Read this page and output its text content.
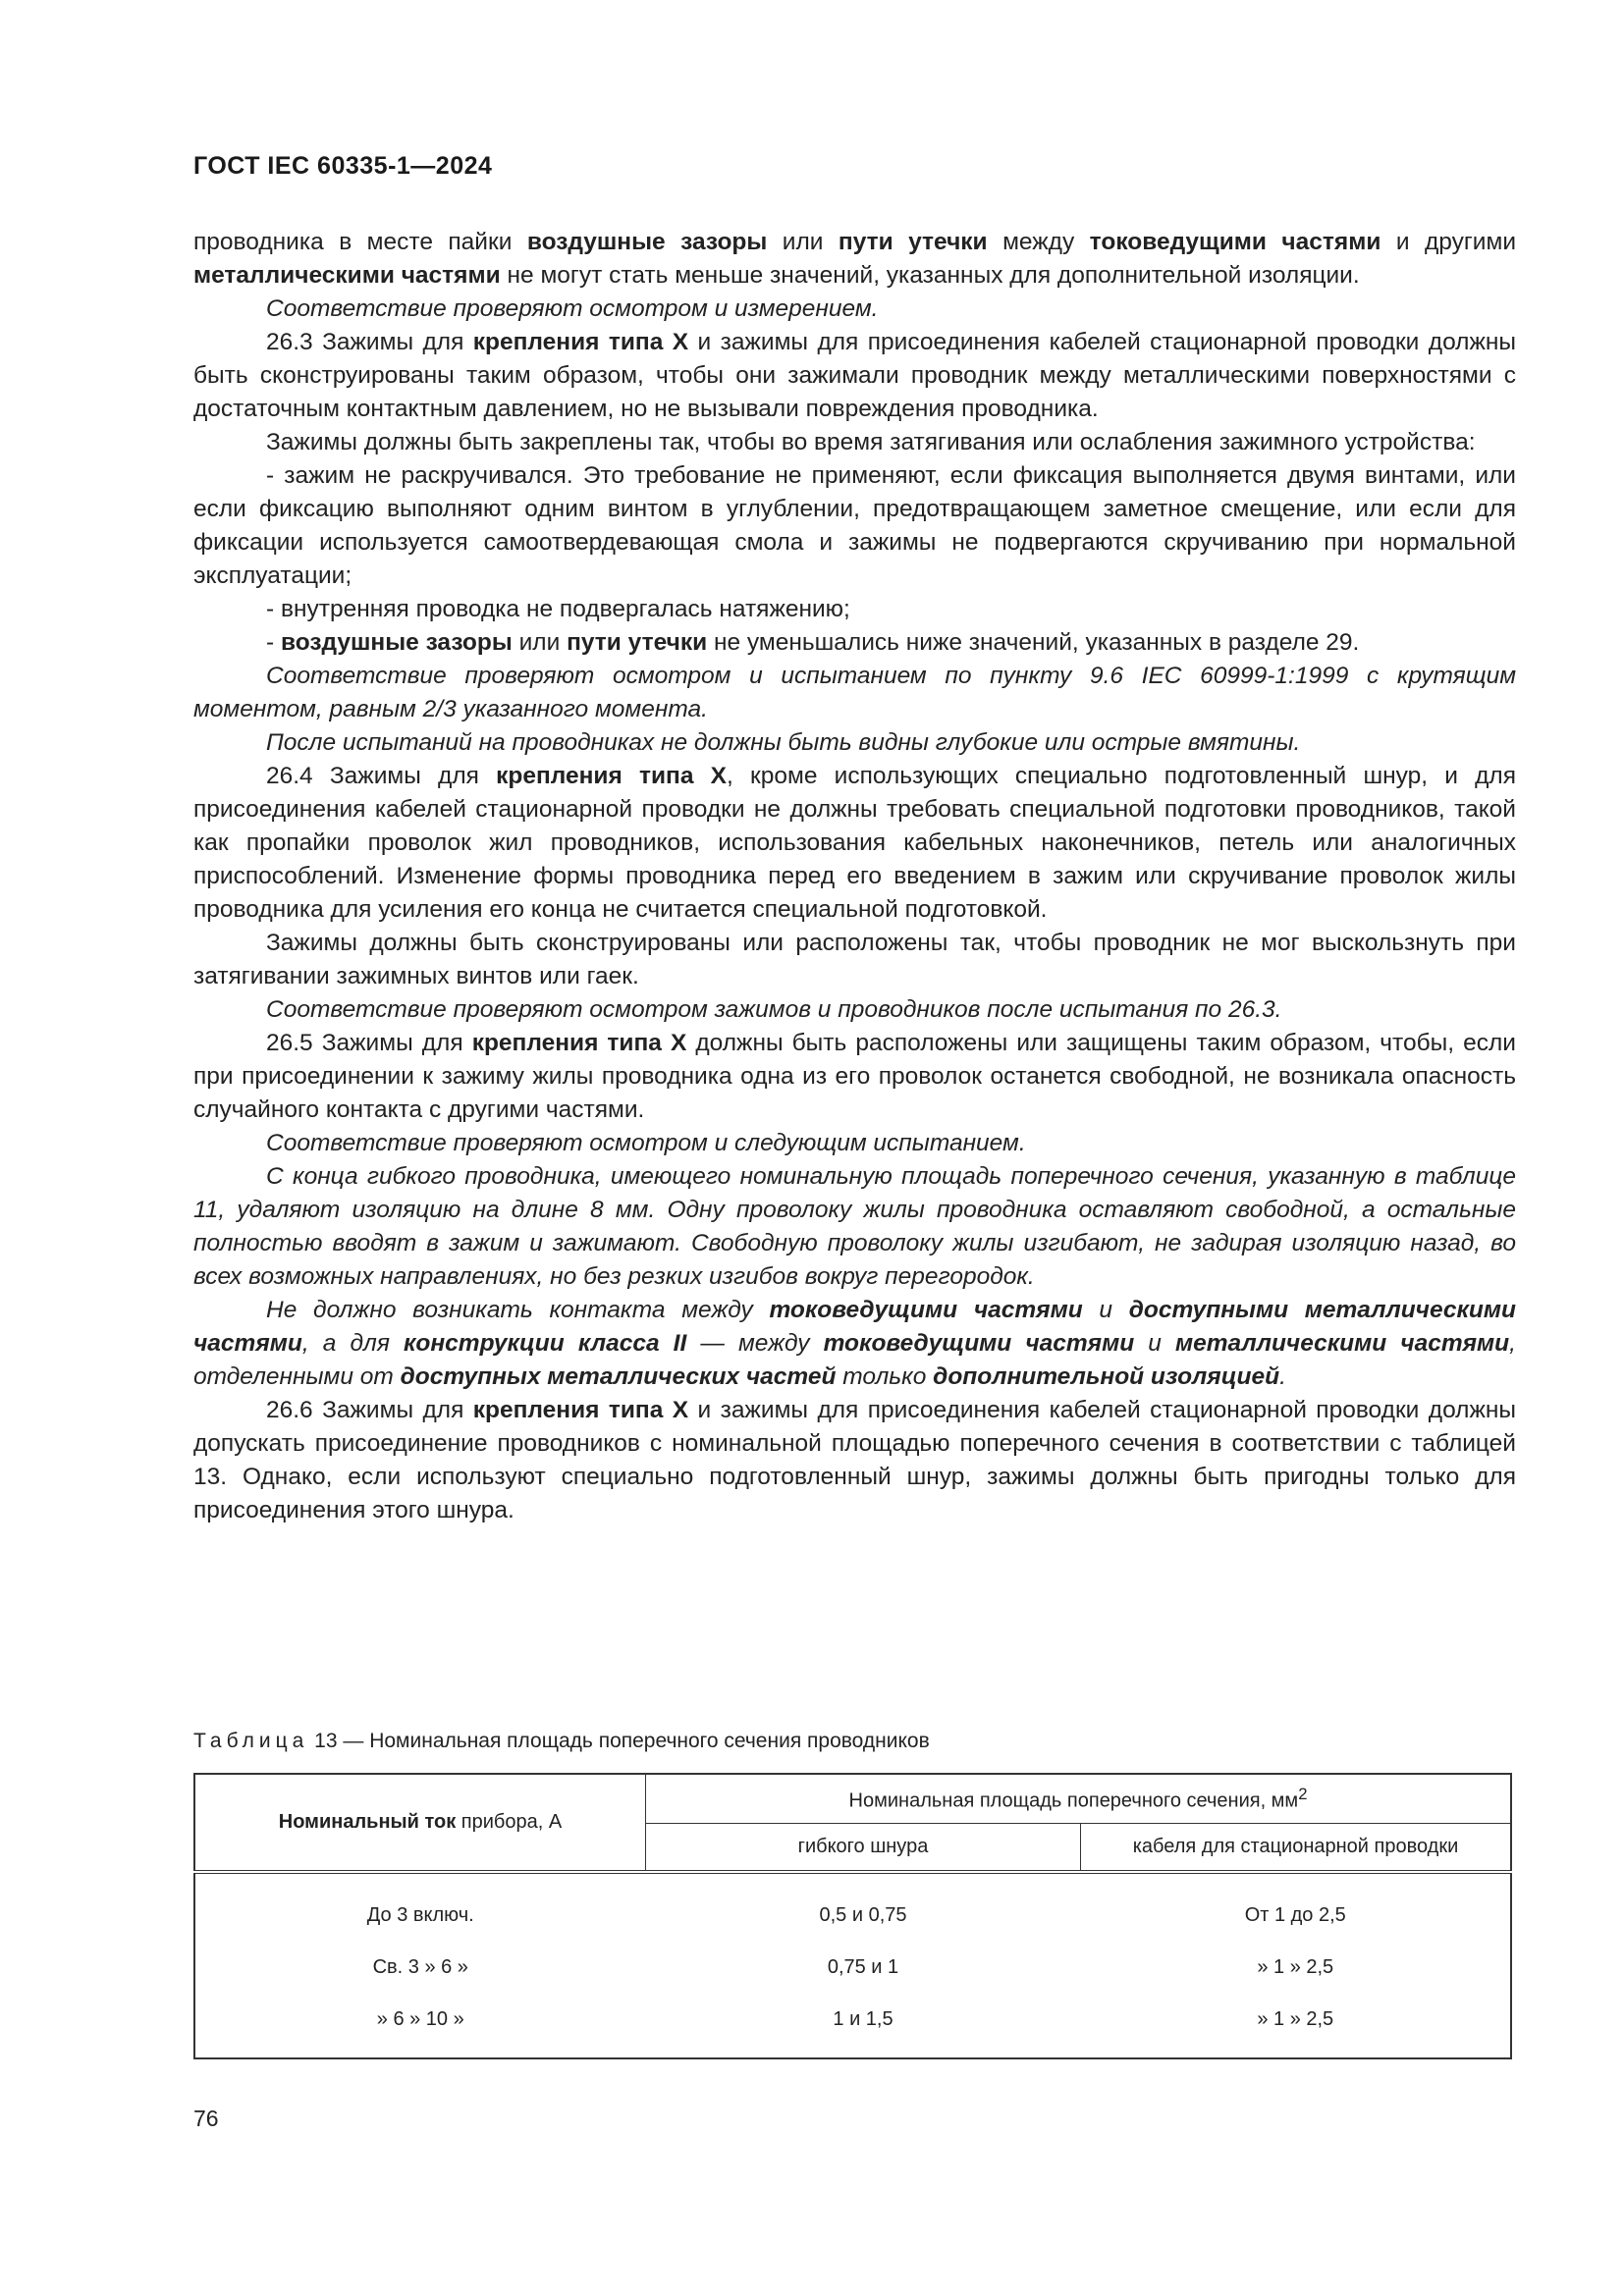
ГОСТ IEC 60335-1—2024

проводника в месте пайки воздушные зазоры или пути утечки между токоведущими частями и другими металлическими частями не могут стать меньше значений, указанных для дополнительной изоляции.

Соответствие проверяют осмотром и измерением.

26.3 Зажимы для крепления типа X и зажимы для присоединения кабелей стационарной проводки должны быть сконструированы таким образом, чтобы они зажимали проводник между металлическими поверхностями с достаточным контактным давлением, но не вызывали повреждения проводника.

Зажимы должны быть закреплены так, чтобы во время затягивания или ослабления зажимного устройства:

- зажим не раскручивался. Это требование не применяют, если фиксация выполняется двумя винтами, или если фиксацию выполняют одним винтом в углублении, предотвращающем заметное смещение, или если для фиксации используется самоотвердевающая смола и зажимы не подвергаются скручиванию при нормальной эксплуатации;

- внутренняя проводка не подвергалась натяжению;

- воздушные зазоры или пути утечки не уменьшались ниже значений, указанных в разделе 29.

Соответствие проверяют осмотром и испытанием по пункту 9.6 IEC 60999-1:1999 с крутящим моментом, равным 2/3 указанного момента.

После испытаний на проводниках не должны быть видны глубокие или острые вмятины.

26.4 Зажимы для крепления типа X, кроме использующих специально подготовленный шнур, и для присоединения кабелей стационарной проводки не должны требовать специальной подготовки проводников, такой как пропайки проволок жил проводников, использования кабельных наконечников, петель или аналогичных приспособлений. Изменение формы проводника перед его введением в зажим или скручивание проволок жилы проводника для усиления его конца не считается специальной подготовкой.

Зажимы должны быть сконструированы или расположены так, чтобы проводник не мог выскользнуть при затягивании зажимных винтов или гаек.

Соответствие проверяют осмотром зажимов и проводников после испытания по 26.3.

26.5 Зажимы для крепления типа X должны быть расположены или защищены таким образом, чтобы, если при присоединении к зажиму жилы проводника одна из его проволок останется свободной, не возникала опасность случайного контакта с другими частями.

Соответствие проверяют осмотром и следующим испытанием.

С конца гибкого проводника, имеющего номинальную площадь поперечного сечения, указанную в таблице 11, удаляют изоляцию на длине 8 мм. Одну проволоку жилы проводника оставляют свободной, а остальные полностью вводят в зажим и зажимают. Свободную проволоку жилы изгибают, не задирая изоляцию назад, во всех возможных направлениях, но без резких изгибов вокруг перегородок.

Не должно возникать контакта между токоведущими частями и доступными металлическими частями, а для конструкции класса II — между токоведущими частями и металлическими частями, отделенными от доступных металлических частей только дополнительной изоляцией.

26.6 Зажимы для крепления типа X и зажимы для присоединения кабелей стационарной проводки должны допускать присоединение проводников с номинальной площадью поперечного сечения в соответствии с таблицей 13. Однако, если используют специально подготовленный шнур, зажимы должны быть пригодны только для присоединения этого шнура.

Таблица 13 — Номинальная площадь поперечного сечения проводников
Номинальный ток прибора, А	Номинальная площадь поперечного сечения, $мм^2$
	гибкого шнура	кабеля для стационарной проводки
До 3 включ.	0,5 и 0,75	От 1 до 2,5
Св. 3 » 6 »	0,75 и 1	» 1 » 2,5
» 6 » 10 »	1 и 1,5	» 1 » 2,5
76
